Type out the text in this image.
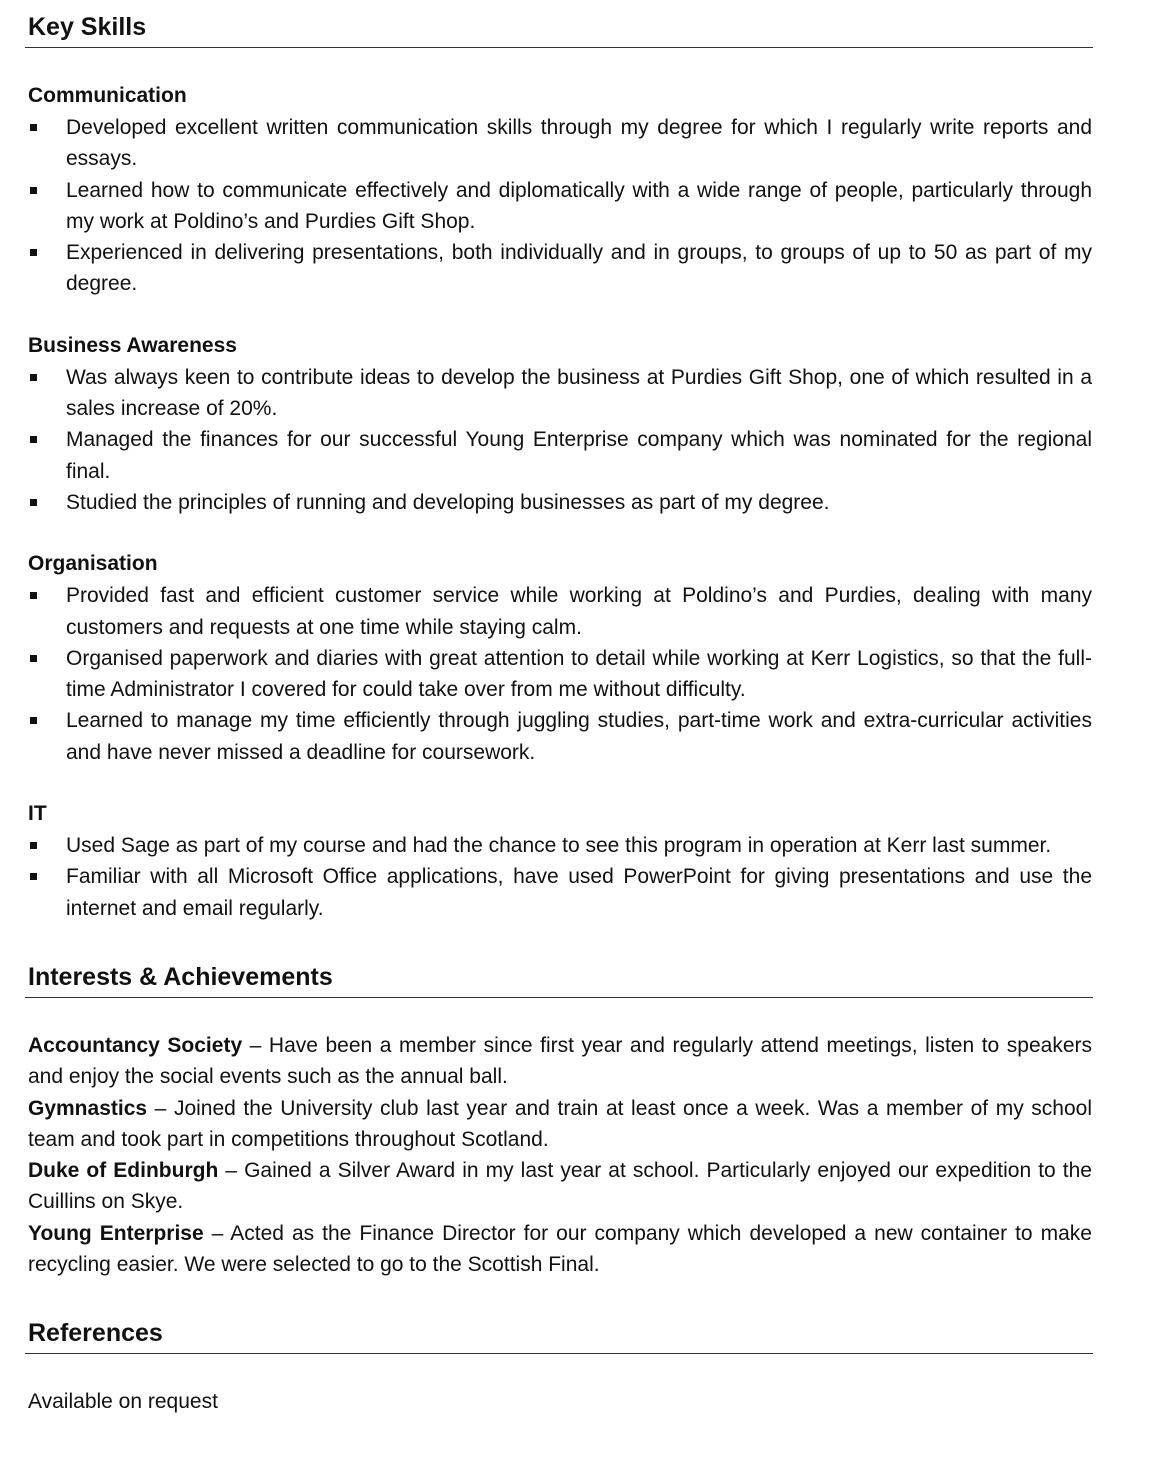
Key Skills
Communication
Developed excellent written communication skills through my degree for which I regularly write reports and essays.
Learned how to communicate effectively and diplomatically with a wide range of people, particularly through my work at Poldino’s and Purdies Gift Shop.
Experienced in delivering presentations, both individually and in groups, to groups of up to 50 as part of my degree.
Business Awareness
Was always keen to contribute ideas to develop the business at Purdies Gift Shop, one of which resulted in a sales increase of 20%.
Managed the finances for our successful Young Enterprise company which was nominated for the regional final.
Studied the principles of running and developing businesses as part of my degree.
Organisation
Provided fast and efficient customer service while working at Poldino’s and Purdies, dealing with many customers and requests at one time while staying calm.
Organised paperwork and diaries with great attention to detail while working at Kerr Logistics, so that the full-time Administrator I covered for could take over from me without difficulty.
Learned to manage my time efficiently through juggling studies, part-time work and extra-curricular activities and have never missed a deadline for coursework.
IT
Used Sage as part of my course and had the chance to see this program in operation at Kerr last summer.
Familiar with all Microsoft Office applications, have used PowerPoint for giving presentations and use the internet and email regularly.
Interests & Achievements

Accountancy Society – Have been a member since first year and regularly attend meetings, listen to speakers and enjoy the social events such as the annual ball.

Gymnastics – Joined the University club last year and train at least once a week. Was a member of my school team and took part in competitions throughout Scotland.

Duke of Edinburgh – Gained a Silver Award in my last year at school. Particularly enjoyed our expedition to the Cuillins on Skye.

Young Enterprise – Acted as the Finance Director for our company which developed a new container to make recycling easier. We were selected to go to the Scottish Final.

References

Available on request
